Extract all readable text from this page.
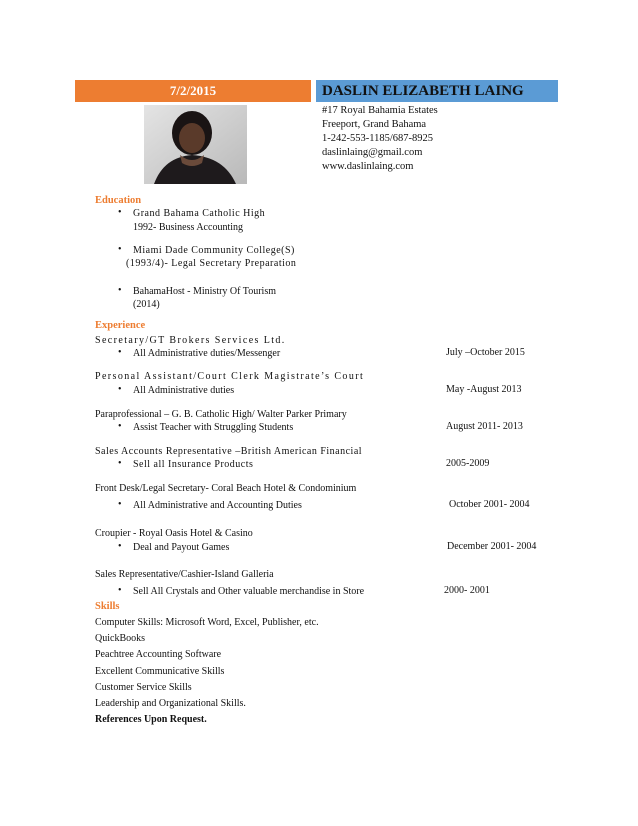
7/2/2015	DASLIN ELIZABETH LAING
#17 Royal Bahamia Estates
Freeport, Grand Bahama
1-242-553-1185/687-8925
daslinlaing@gmail.com
www.daslinlaing.com
Education
• Grand Bahama Catholic High
1992- Business Accounting
• Miami Dade Community College(S)
(1993/4)- Legal Secretary Preparation
• BahamaHost - Ministry Of Tourism
(2014)
Experience
Secretary/GT Brokers Services Ltd.
• All Administrative duties/Messenger	July –October 2015
Personal Assistant/Court Clerk Magistrate’s Court
• All Administrative duties	May -August 2013
Paraprofessional – G. B. Catholic High/ Walter Parker Primary
• Assist Teacher with Struggling Students	August 2011- 2013
Sales Accounts Representative –British American Financial
• Sell all Insurance Products	2005-2009
Front Desk/Legal Secretary- Coral Beach Hotel & Condominium
• All Administrative and Accounting Duties	October 2001- 2004
Croupier - Royal Oasis Hotel & Casino
• Deal and Payout Games	December 2001- 2004
Sales Representative/Cashier-Island Galleria
• Sell All Crystals and Other valuable merchandise in Store	2000- 2001
Skills
Computer Skills: Microsoft Word, Excel, Publisher, etc.
QuickBooks
Peachtree Accounting Software
Excellent Communicative Skills
Customer Service Skills
Leadership and Organizational Skills.
References Upon Request.
